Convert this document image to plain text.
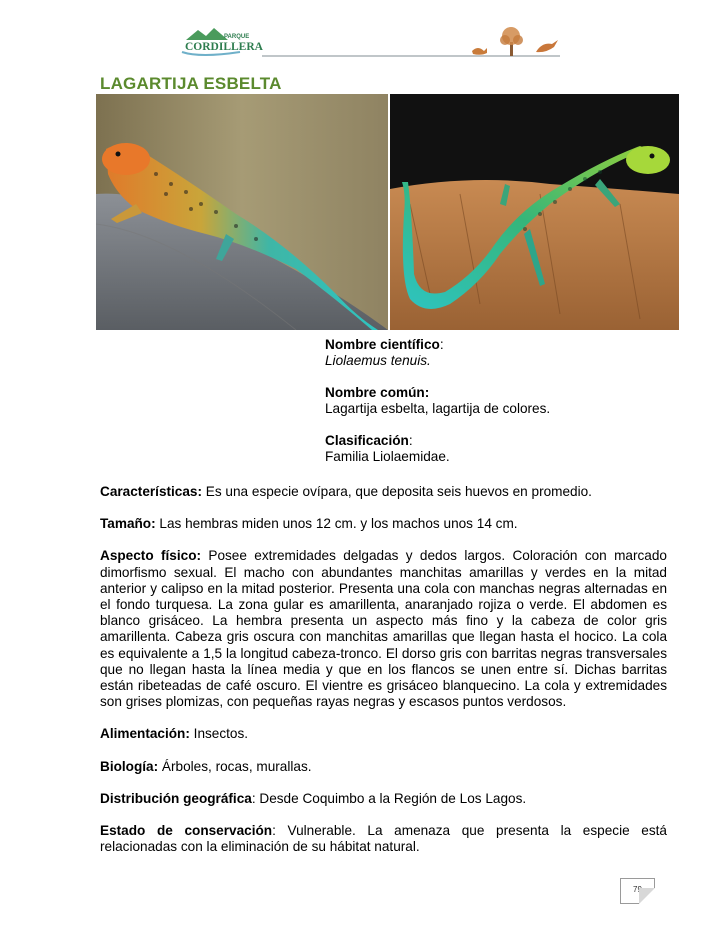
PARQUE
CORDILLERA
LAGARTIJA ESBELTA
Nombre científico:
Liolaemus tenuis.
Nombre común:
Lagartija esbelta, lagartija de colores.
Clasificación:
Familia Liolaemidae.

Características: Es una especie ovípara, que deposita seis huevos en promedio.

Tamaño: Las hembras miden unos 12 cm. y los machos unos 14 cm.

Aspecto físico: Posee extremidades delgadas y dedos largos. Coloración con marcado dimorfismo sexual. El macho con abundantes manchitas amarillas y verdes en la mitad anterior y calipso en la mitad posterior. Presenta una cola con manchas negras alternadas en el fondo turquesa. La zona gular es amarillenta, anaranjado rojiza o verde. El abdomen es blanco grisáceo. La hembra presenta un aspecto más fino y la cabeza de color gris amarillenta. Cabeza gris oscura con manchitas amarillas que llegan hasta el hocico. La cola es equivalente a 1,5 la longitud cabeza-tronco. El dorso gris con barritas negras transversales que no llegan hasta la línea media y que en los flancos se unen entre sí. Dichas barritas están ribeteadas de café oscuro. El vientre es grisáceo blanquecino. La cola y extremidades son grises plomizas, con pequeñas rayas negras y escasos puntos verdosos.

Alimentación: Insectos.

Biología: Árboles, rocas, murallas.

Distribución geográfica: Desde Coquimbo a la Región de Los Lagos.

Estado de conservación: Vulnerable. La amenaza que presenta la especie está relacionadas con la eliminación de su hábitat natural.

79
